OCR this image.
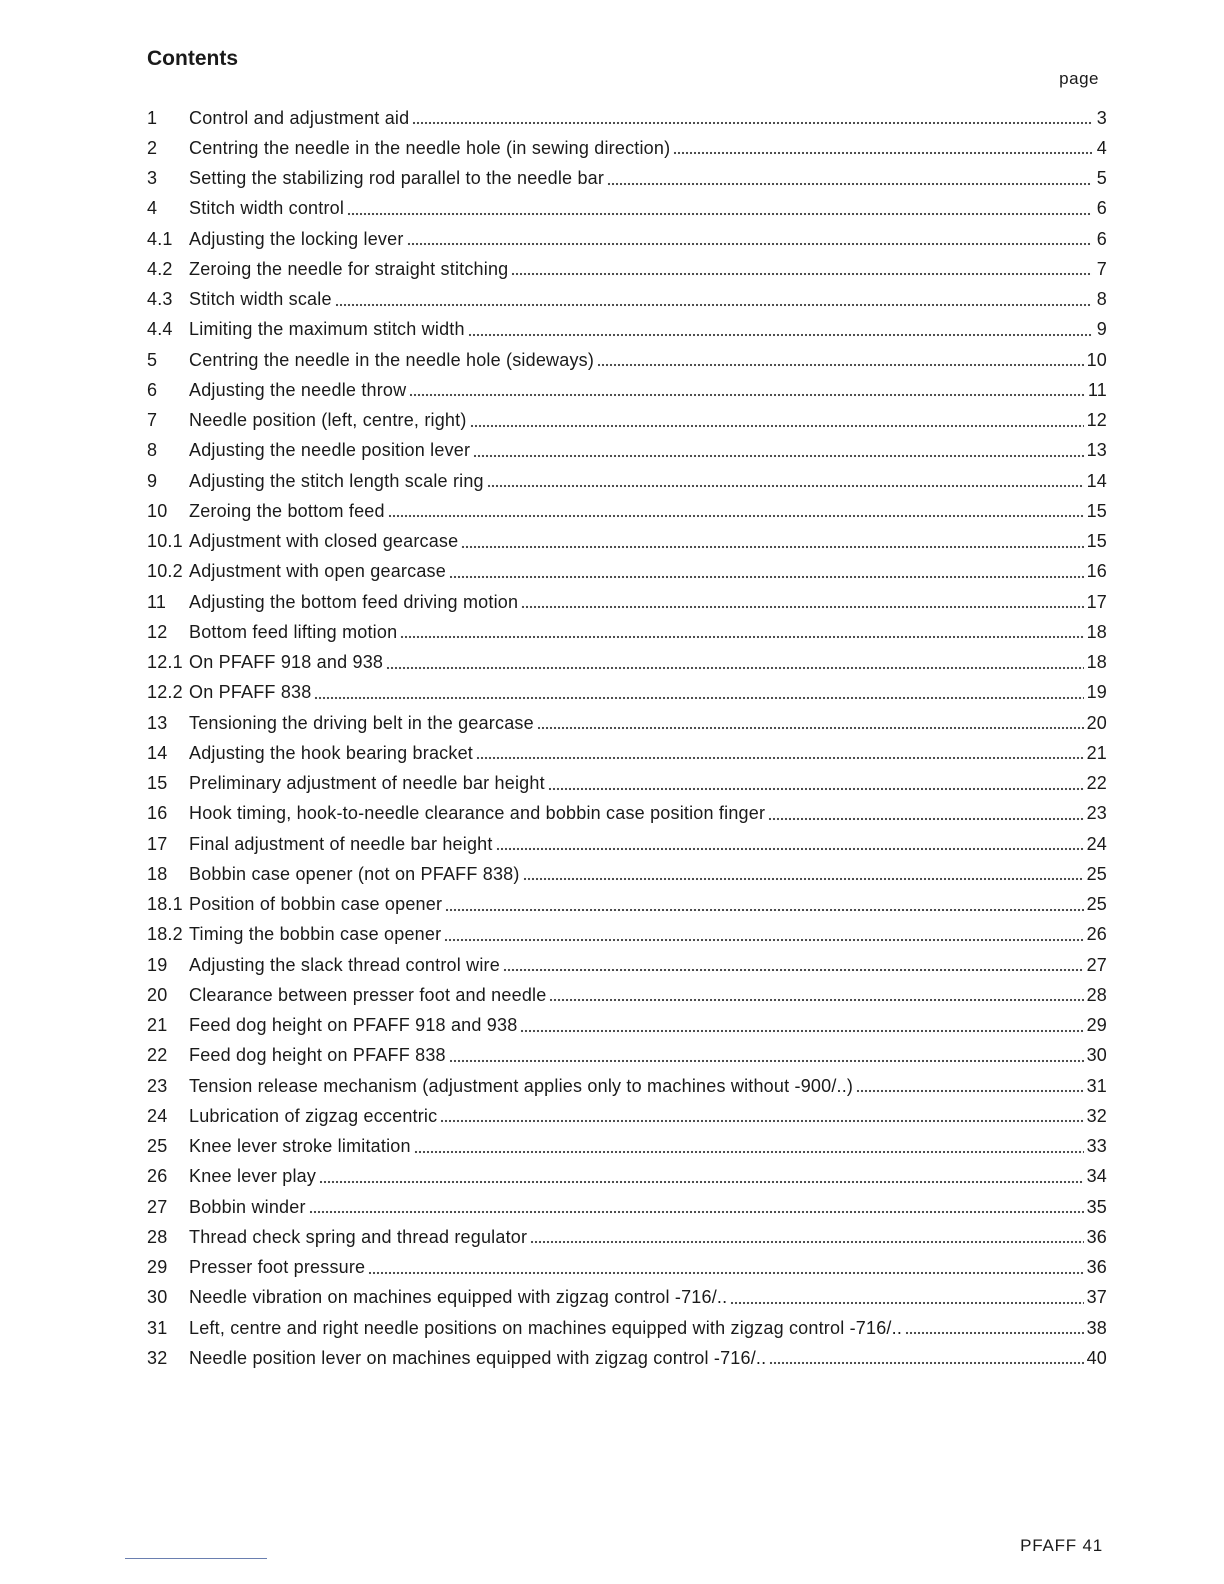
Contents
page
1	Control and adjustment aid	3
2	Centring the needle in the needle hole (in sewing direction)	4
3	Setting the stabilizing rod parallel to the needle bar	5
4	Stitch width control	6
4.1 Adjusting the locking lever	6
4.2 Zeroing the needle for straight stitching	7
4.3 Stitch width scale	8
4.4 Limiting the maximum stitch width	9
5	Centring the needle in the needle hole (sideways)	10
6	Adjusting the needle throw	11
7	Needle position (left, centre, right)	12
8	Adjusting the needle position lever	13
9	Adjusting the stitch length scale ring	14
10	Zeroing the bottom feed	15
10.1 Adjustment with closed gearcase	15
10.2 Adjustment with open gearcase	16
11	Adjusting the bottom feed driving motion	17
12	Bottom feed lifting motion	18
12.1 On PFAFF 918 and 938	18
12.2 On PFAFF 838	19
13	Tensioning the driving belt in the gearcase	20
14	Adjusting the hook bearing bracket	21
15	Preliminary adjustment of needle bar height	22
16	Hook timing, hook-to-needle clearance and bobbin case position finger	23
17	Final adjustment of needle bar height	24
18	Bobbin case opener (not on PFAFF 838)	25
18.1 Position of bobbin case opener	25
18.2 Timing the bobbin case opener	26
19	Adjusting the slack thread control wire	27
20	Clearance between presser foot and needle	28
21	Feed dog height on PFAFF 918 and 938	29
22	Feed dog height on PFAFF 838	30
23	Tension release mechanism (adjustment applies only to machines without -900/..)	31
24	Lubrication of zigzag eccentric	32
25	Knee lever stroke limitation	33
26	Knee lever play	34
27	Bobbin winder	35
28	Thread check spring and thread regulator	36
29	Presser foot pressure	36
30	Needle vibration on machines equipped with zigzag control -716/..	37
31	Left, centre and right needle positions on machines equipped with zigzag control -716/..	38
32	Needle position lever on machines equipped with zigzag control -716/..	40
PFAFF 41
